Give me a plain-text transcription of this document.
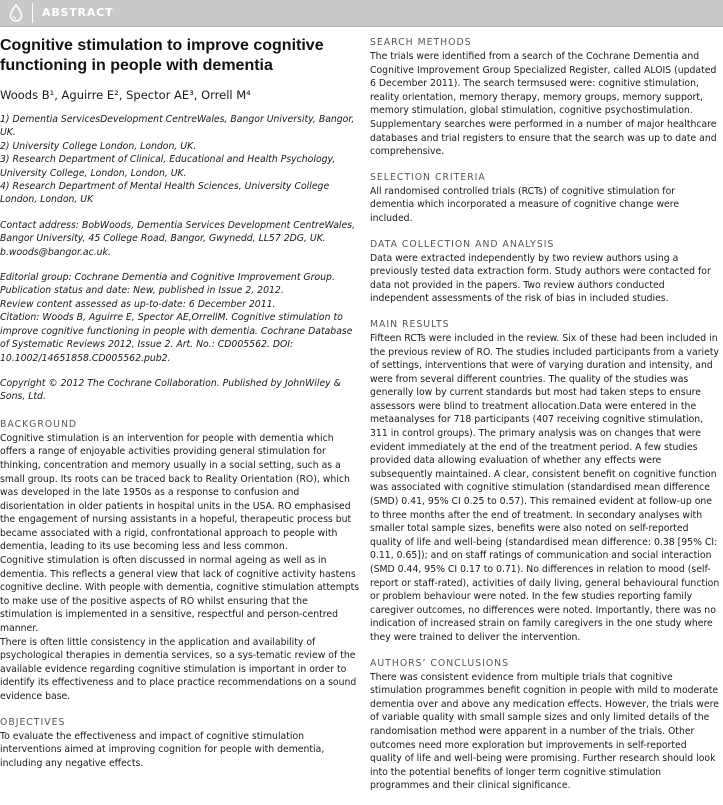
ABSTRACT
Cognitive stimulation to improve cognitive functioning in people with dementia

Woods B¹, Aguirre E², Spector AE³, Orrell M⁴

1) Dementia ServicesDevelopment CentreWales, Bangor University, Bangor, UK.
2) University College London, London, UK.
3) Research Department of Clinical, Educational and Health Psychology, University College, London, London, UK.
4) Research Department of Mental Health Sciences, University College London, London, UK
Contact address: BobWoods, Dementia Services Development CentreWales, Bangor University, 45 College Road, Bangor, Gwynedd, LL57 2DG, UK.
b.woods@bangor.ac.uk.
Editorial group: Cochrane Dementia and Cognitive Improvement Group.
Publication status and date: New, published in Issue 2, 2012.
Review content assessed as up-to-date: 6 December 2011.
Citation: Woods B, Aguirre E, Spector AE,OrrellM. Cognitive stimulation to improve cognitive functioning in people with dementia. Cochrane Database of Systematic Reviews 2012, Issue 2. Art. No.: CD005562. DOI: 10.1002/14651858.CD005562.pub2.

Copyright © 2012 The Cochrane Collaboration. Published by JohnWiley & Sons, Ltd.

BACKGROUND

Cognitive stimulation is an intervention for people with dementia which offers a range of enjoyable activities providing general stimulation for thinking, concentration and memory usually in a social setting, such as a small group. Its roots can be traced back to Reality Orientation (RO), which was developed in the late 1950s as a response to confusion and disorientation in older patients in hospital units in the USA. RO emphasised the engagement of nursing assistants in a hopeful, therapeutic process but became associated with a rigid, confrontational approach to people with dementia, leading to its use becoming less and less common.

Cognitive stimulation is often discussed in normal ageing as well as in dementia. This reflects a general view that lack of cognitive activity hastens cognitive decline. With people with dementia, cognitive stimulation attempts to make use of the positive aspects of RO whilst ensuring that the stimulation is implemented in a sensitive, respectful and person-centred manner.

There is often little consistency in the application and availability of psychological therapies in dementia services, so a sys-tematic review of the available evidence regarding cognitive stimulation is important in order to identify its effectiveness and to place practice recommendations on a sound evidence base.

OBJECTIVES

To evaluate the effectiveness and impact of cognitive stimulation interventions aimed at improving cognition for people with dementia, including any negative effects.

SEARCH METHODS

The trials were identified from a search of the Cochrane Dementia and Cognitive Improvement Group Specialized Register, called ALOIS (updated 6 December 2011). The search termsused were: cognitive stimulation, reality orientation, memory therapy, memory groups, memory support, memory stimulation, global stimulation, cognitive psychostimulation. Supplementary searches were performed in a number of major healthcare databases and trial registers to ensure that the search was up to date and comprehensive.

SELECTION CRITERIA

All randomised controlled trials (RCTs) of cognitive stimulation for dementia which incorporated a measure of cognitive change were included.

DATA COLLECTION AND ANALYSIS

Data were extracted independently by two review authors using a previously tested data extraction form. Study authors were contacted for data not provided in the papers. Two review authors conducted independent assessments of the risk of bias in included studies.

MAIN RESULTS

Fifteen RCTs were included in the review. Six of these had been included in the previous review of RO. The studies included participants from a variety of settings, interventions that were of varying duration and intensity, and were from several different countries. The quality of the studies was generally low by current standards but most had taken steps to ensure assessors were blind to treatment allocation.Data were entered in the metaanalyses for 718 participants (407 receiving cognitive stimulation, 311 in control groups). The primary analysis was on changes that were evident immediately at the end of the treatment period. A few studies provided data allowing evaluation of whether any effects were subsequently maintained. A clear, consistent benefit on cognitive function was associated with cognitive stimulation (standardised mean difference (SMD) 0.41, 95% CI 0.25 to 0.57). This remained evident at follow-up one to three months after the end of treatment. In secondary analyses with smaller total sample sizes, benefits were also noted on self-reported quality of life and well-being (standardised mean difference: 0.38 [95% CI: 0.11, 0.65]); and on staff ratings of communication and social interaction (SMD 0.44, 95% CI 0.17 to 0.71). No differences in relation to mood (self-report or staff-rated), activities of daily living, general behavioural function or problem behaviour were noted. In the few studies reporting family caregiver outcomes, no differences were noted. Importantly, there was no indication of increased strain on family caregivers in the one study where they were trained to deliver the intervention.

AUTHORS’ CONCLUSIONS

There was consistent evidence from multiple trials that cognitive stimulation programmes benefit cognition in people with mild to moderate dementia over and above any medication effects. However, the trials were of variable quality with small sample sizes and only limited details of the randomisation method were apparent in a number of the trials. Other outcomes need more exploration but improvements in self-reported quality of life and well-being were promising. Further research should look into the potential benefits of longer term cognitive stimulation programmes and their clinical significance.
